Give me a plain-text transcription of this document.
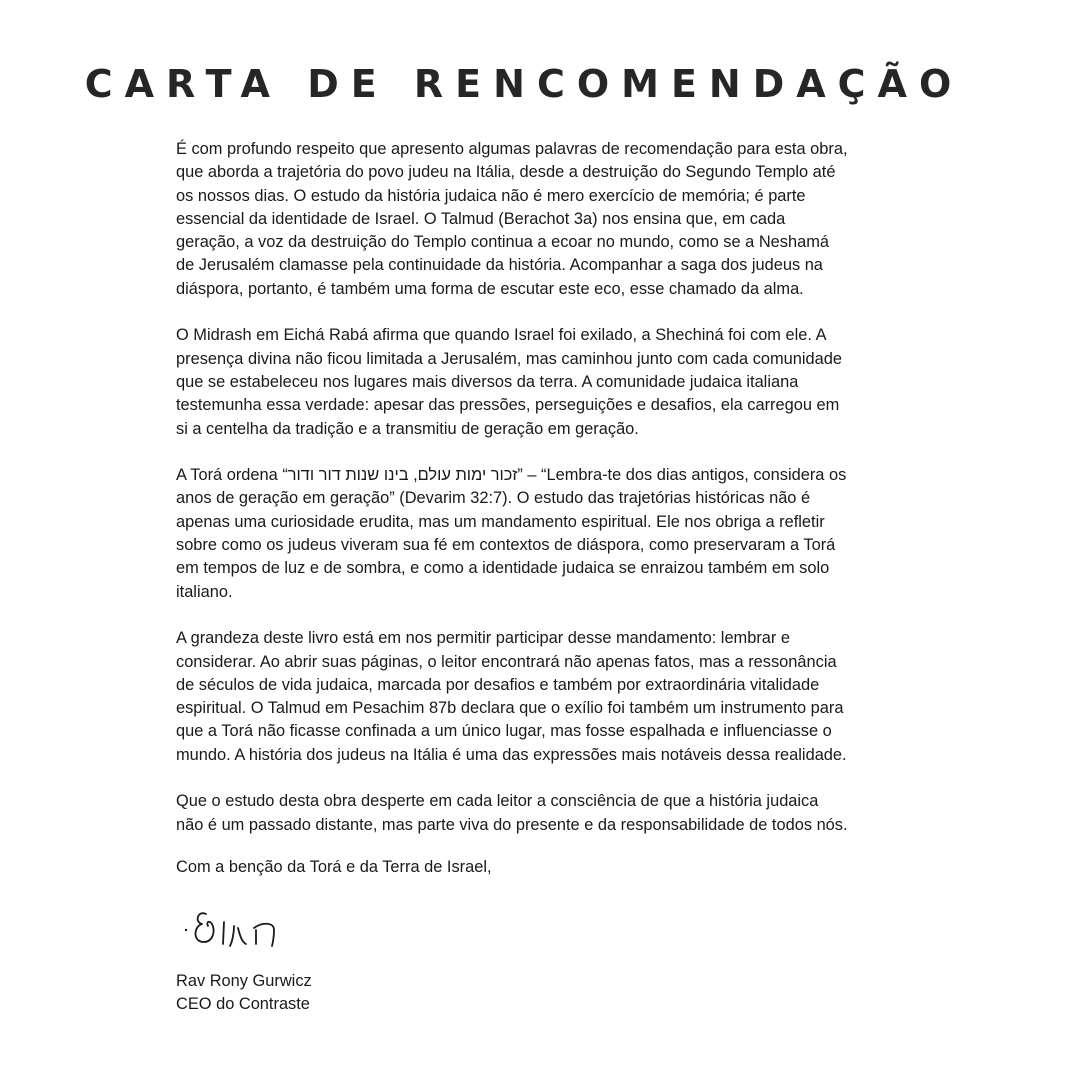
CARTA DE RENCOMENDAÇÃO

É com profundo respeito que apresento algumas palavras de recomendação para esta obra,
que aborda a trajetória do povo judeu na Itália, desde a destruição do Segundo Templo até
os nossos dias. O estudo da história judaica não é mero exercício de memória; é parte
essencial da identidade de Israel. O Talmud (Berachot 3a) nos ensina que, em cada
geração, a voz da destruição do Templo continua a ecoar no mundo, como se a Neshamá
de Jerusalém clamasse pela continuidade da história. Acompanhar a saga dos judeus na
diáspora, portanto, é também uma forma de escutar este eco, esse chamado da alma.

O Midrash em Eichá Rabá afirma que quando Israel foi exilado, a Shechiná foi com ele. A
presença divina não ficou limitada a Jerusalém, mas caminhou junto com cada comunidade
que se estabeleceu nos lugares mais diversos da terra. A comunidade judaica italiana
testemunha essa verdade: apesar das pressões, perseguições e desafios, ela carregou em
si a centelha da tradição e a transmitiu de geração em geração.

A Torá ordena “זכור ימות עולם, בינו שנות דור ודור” – “Lembra-te dos dias antigos, considera os
anos de geração em geração” (Devarim 32:7). O estudo das trajetórias históricas não é
apenas uma curiosidade erudita, mas um mandamento espiritual. Ele nos obriga a refletir
sobre como os judeus viveram sua fé em contextos de diáspora, como preservaram a Torá
em tempos de luz e de sombra, e como a identidade judaica se enraizou também em solo
italiano.

A grandeza deste livro está em nos permitir participar desse mandamento: lembrar e
considerar. Ao abrir suas páginas, o leitor encontrará não apenas fatos, mas a ressonância
de séculos de vida judaica, marcada por desafios e também por extraordinária vitalidade
espiritual. O Talmud em Pesachim 87b declara que o exílio foi também um instrumento para
que a Torá não ficasse confinada a um único lugar, mas fosse espalhada e influenciasse o
mundo. A história dos judeus na Itália é uma das expressões mais notáveis dessa realidade.

Que o estudo desta obra desperte em cada leitor a consciência de que a história judaica
não é um passado distante, mas parte viva do presente e da responsabilidade de todos nós.

Com a benção da Torá e da Terra de Israel,

Rav Rony Gurwicz

CEO do Contraste
